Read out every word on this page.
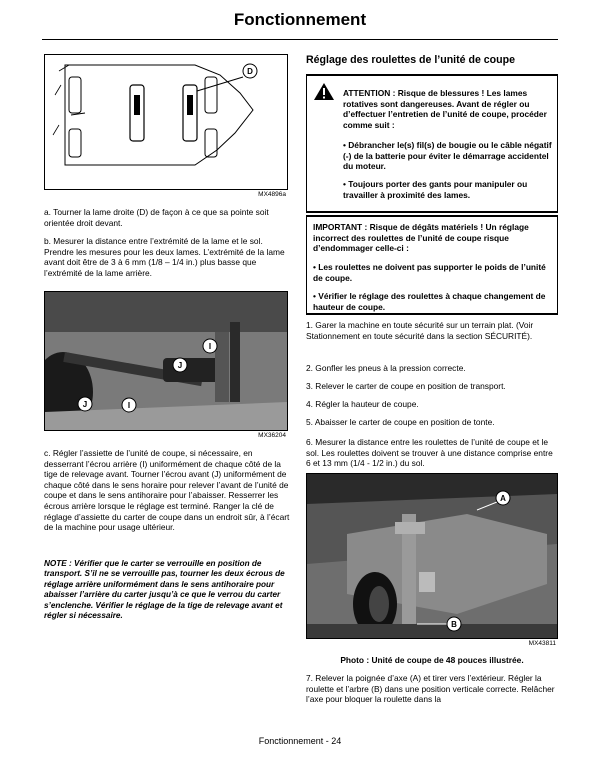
Fonctionnement
D
MX4896a
a. Tourner la lame droite (D) de façon à ce que sa pointe soit orientée droit devant.
b. Mesurer la distance entre l’extrémité de la lame et le sol. Prendre les mesures pour les deux lames. L’extrémité de la lame avant doit être de 3 à 6 mm (1/8 – 1/4 in.) plus basse que l’extrémité de la lame arrière.
I
J
J	I
MX36204
c. Régler l’assiette de l’unité de coupe, si nécessaire, en desserrant l’écrou arrière (I) uniformément de chaque côté de la tige de relevage avant. Tourner l’écrou avant (J) uniformément de chaque côté dans le sens horaire pour relever l’avant de l’unité de coupe et dans le sens antihoraire pour l’abaisser. Resserrer les écrous arrière lorsque le réglage est terminé. Ranger la clé de réglage d’assiette du carter de coupe dans un endroit sûr, à l’écart de la machine pour usage ultérieur.
NOTE : Vérifier que le carter se verrouille en position de transport. S’il ne se verrouille pas, tourner les deux écrous de réglage arrière uniformément dans le sens antihoraire pour abaisser l’arrière du carter jusqu’à ce que le verrou du carter s’enclenche. Vérifier le réglage de la tige de relevage avant et régler si nécessaire.
Réglage des roulettes de l’unité de coupe
ATTENTION : Risque de blessures ! Les lames rotatives sont dangereuses. Avant de régler ou d’effectuer l’entretien de l’unité de coupe, procéder comme suit :
• Débrancher le(s) fil(s) de bougie ou le câble négatif (-) de la batterie pour éviter le démarrage accidentel du moteur.
• Toujours porter des gants pour manipuler ou travailler à proximité des lames.
IMPORTANT : Risque de dégâts matériels ! Un réglage incorrect des roulettes de l’unité de coupe risque d’endommager celle-ci :
• Les roulettes ne doivent pas supporter le poids de l’unité de coupe.
• Vérifier le réglage des roulettes à chaque changement de hauteur de coupe.
1. Garer la machine en toute sécurité sur un terrain plat. (Voir Stationnement en toute sécurité dans la section SÉCURITÉ).
2. Gonfler les pneus à la pression correcte.
3. Relever le carter de coupe en position de transport.
4. Régler la hauteur de coupe.
5. Abaisser le carter de coupe en position de tonte.
6. Mesurer la distance entre les roulettes de l’unité de coupe et le sol. Les roulettes doivent se trouver à une distance comprise entre 6 et 13 mm (1/4 - 1/2 in.) du sol.
A
B
MX43811
Photo : Unité de coupe de 48 pouces illustrée.
7. Relever la poignée d’axe (A) et tirer vers l’extérieur. Régler la roulette et l’arbre (B) dans une position verticale correcte. Relâcher l’axe pour bloquer la roulette dans la
Fonctionnement - 24
